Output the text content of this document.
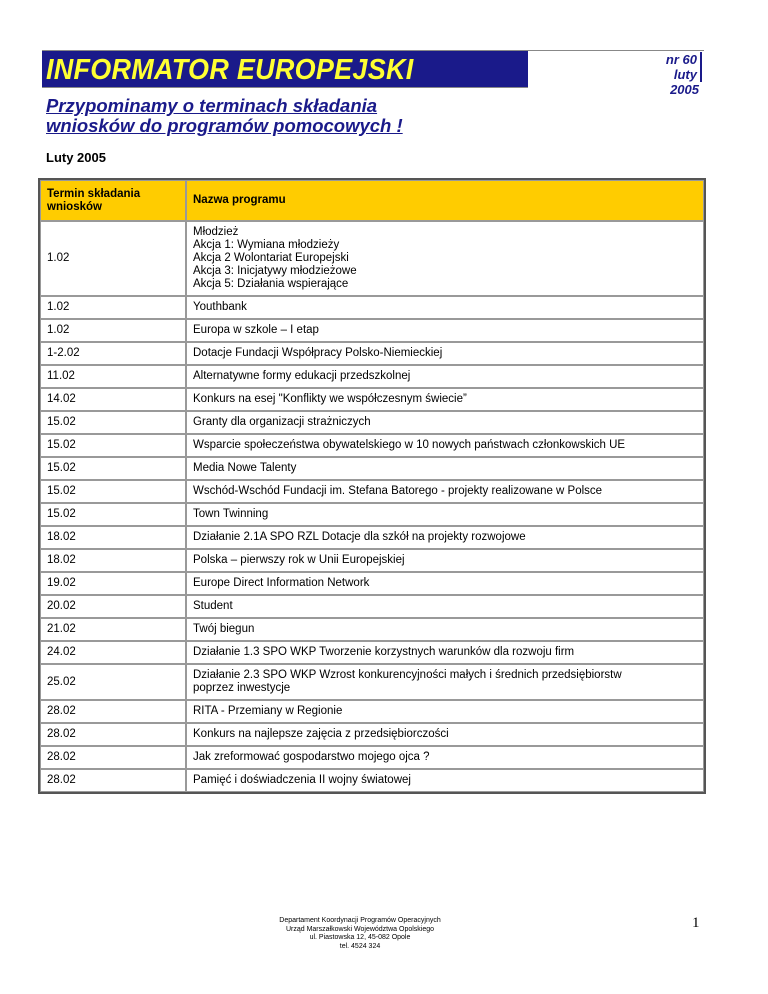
INFORMATOR EUROPEJSKI	nr 60
luty
2005
Przypominamy o terminach składania
wniosków do programów pomocowych !
Luty 2005
Termin składania wniosków	Nazwa programu
1.02	Młodzież
Akcja 1: Wymiana młodzieży
Akcja 2 Wolontariat Europejski
Akcja 3: Inicjatywy młodzieżowe
Akcja 5: Działania wspierające

1.02	Youthbank

1.02	Europa w szkole – I etap

1-2.02	Dotacje Fundacji Współpracy Polsko-Niemieckiej

11.02	Alternatywne formy edukacji przedszkolnej

14.02	Konkurs na esej "Konflikty we współczesnym świecie”

15.02	Granty dla organizacji strażniczych

15.02	Wsparcie społeczeństwa obywatelskiego w 10 nowych państwach członkowskich UE

15.02	Media Nowe Talenty

15.02	Wschód-Wschód Fundacji im. Stefana Batorego - projekty realizowane w Polsce

15.02	Town Twinning

18.02	Działanie 2.1A SPO RZL Dotacje dla szkół na projekty rozwojowe

18.02	Polska – pierwszy rok w Unii Europejskiej

19.02	Europe Direct Information Network

20.02	Student

21.02	Twój biegun

24.02	Działanie 1.3 SPO WKP Tworzenie korzystnych warunków dla rozwoju firm

25.02	Działanie 2.3 SPO WKP Wzrost konkurencyjności małych i średnich przedsiębiorstw
poprzez inwestycje

28.02	RITA - Przemiany w Regionie

28.02	Konkurs na najlepsze zajęcia z przedsiębiorczości

28.02	Jak zreformować gospodarstwo mojego ojca ?

28.02	Pamięć i doświadczenia II wojny światowej
Departament Koordynacji Programów Operacyjnych
Urząd Marszałkowski Województwa Opolskiego
ul. Piastowska 12, 45-082 Opole
tel. 4524 324
1
